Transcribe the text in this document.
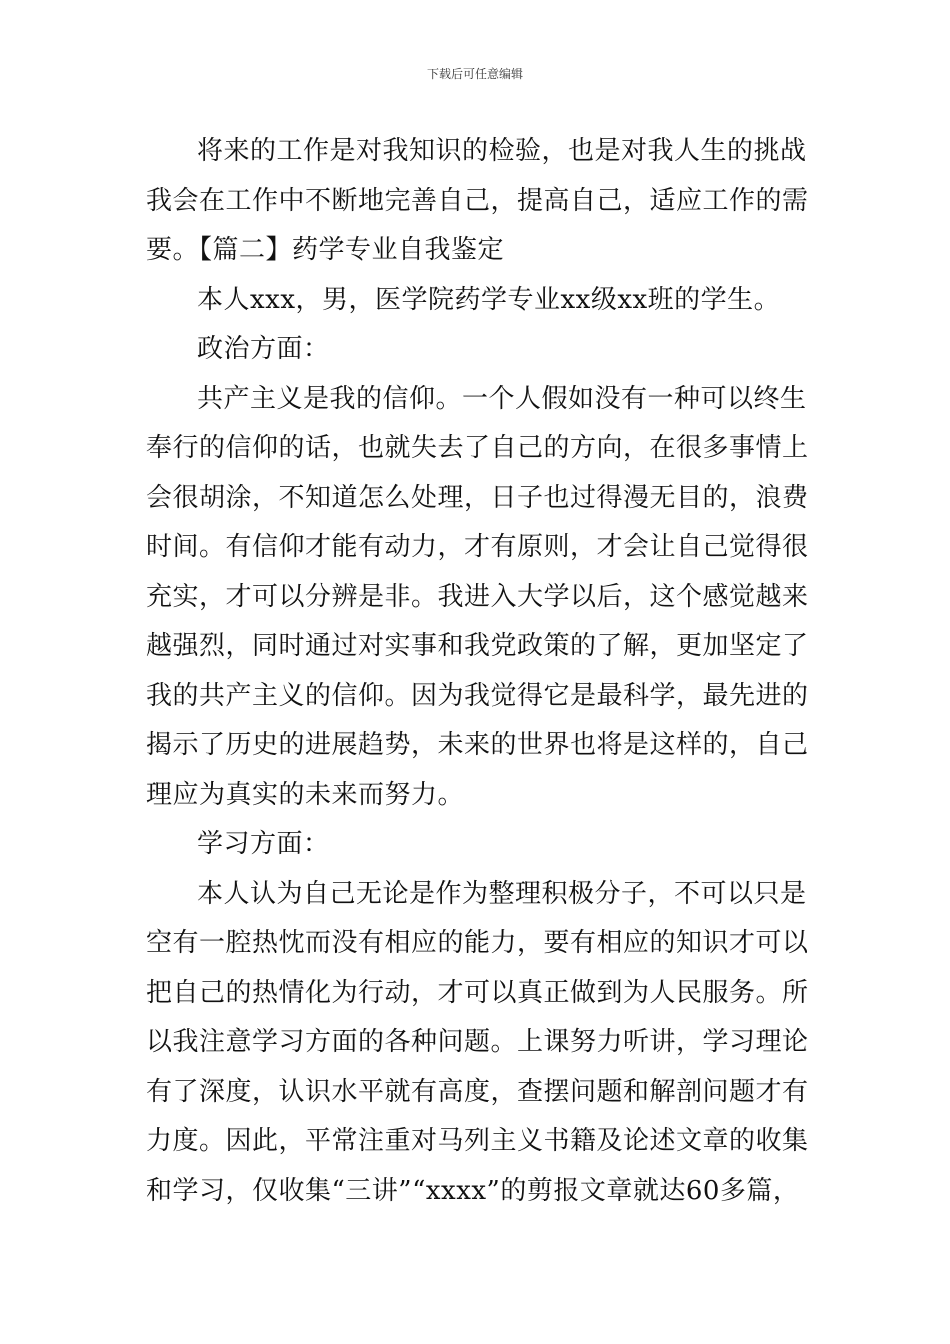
下载后可任意编辑
将来的工作是对我知识的检验，也是对我人生的挑战
我会在工作中不断地完善自己，提高自己，适应工作的需
要。【篇二】药学专业自我鉴定
本人xxx，男，医学院药学专业xx级xx班的学生。
政治方面：
共产主义是我的信仰。一个人假如没有一种可以终生
奉行的信仰的话，也就失去了自己的方向，在很多事情上
会很胡涂，不知道怎么处理，日子也过得漫无目的，浪费
时间。有信仰才能有动力，才有原则，才会让自己觉得很
充实，才可以分辨是非。我进入大学以后，这个感觉越来
越强烈，同时通过对实事和我党政策的了解，更加坚定了
我的共产主义的信仰。因为我觉得它是最科学，最先进的
揭示了历史的进展趋势，未来的世界也将是这样的，自己
理应为真实的未来而努力。
学习方面：
本人认为自己无论是作为整理积极分子，不可以只是
空有一腔热忱而没有相应的能力，要有相应的知识才可以
把自己的热情化为行动，才可以真正做到为人民服务。所
以我注意学习方面的各种问题。上课努力听讲，学习理论
有了深度，认识水平就有高度，查摆问题和解剖问题才有
力度。因此，平常注重对马列主义书籍及论述文章的收集
和学习，仅收集“三讲”“xxxx”的剪报文章就达60多篇，
